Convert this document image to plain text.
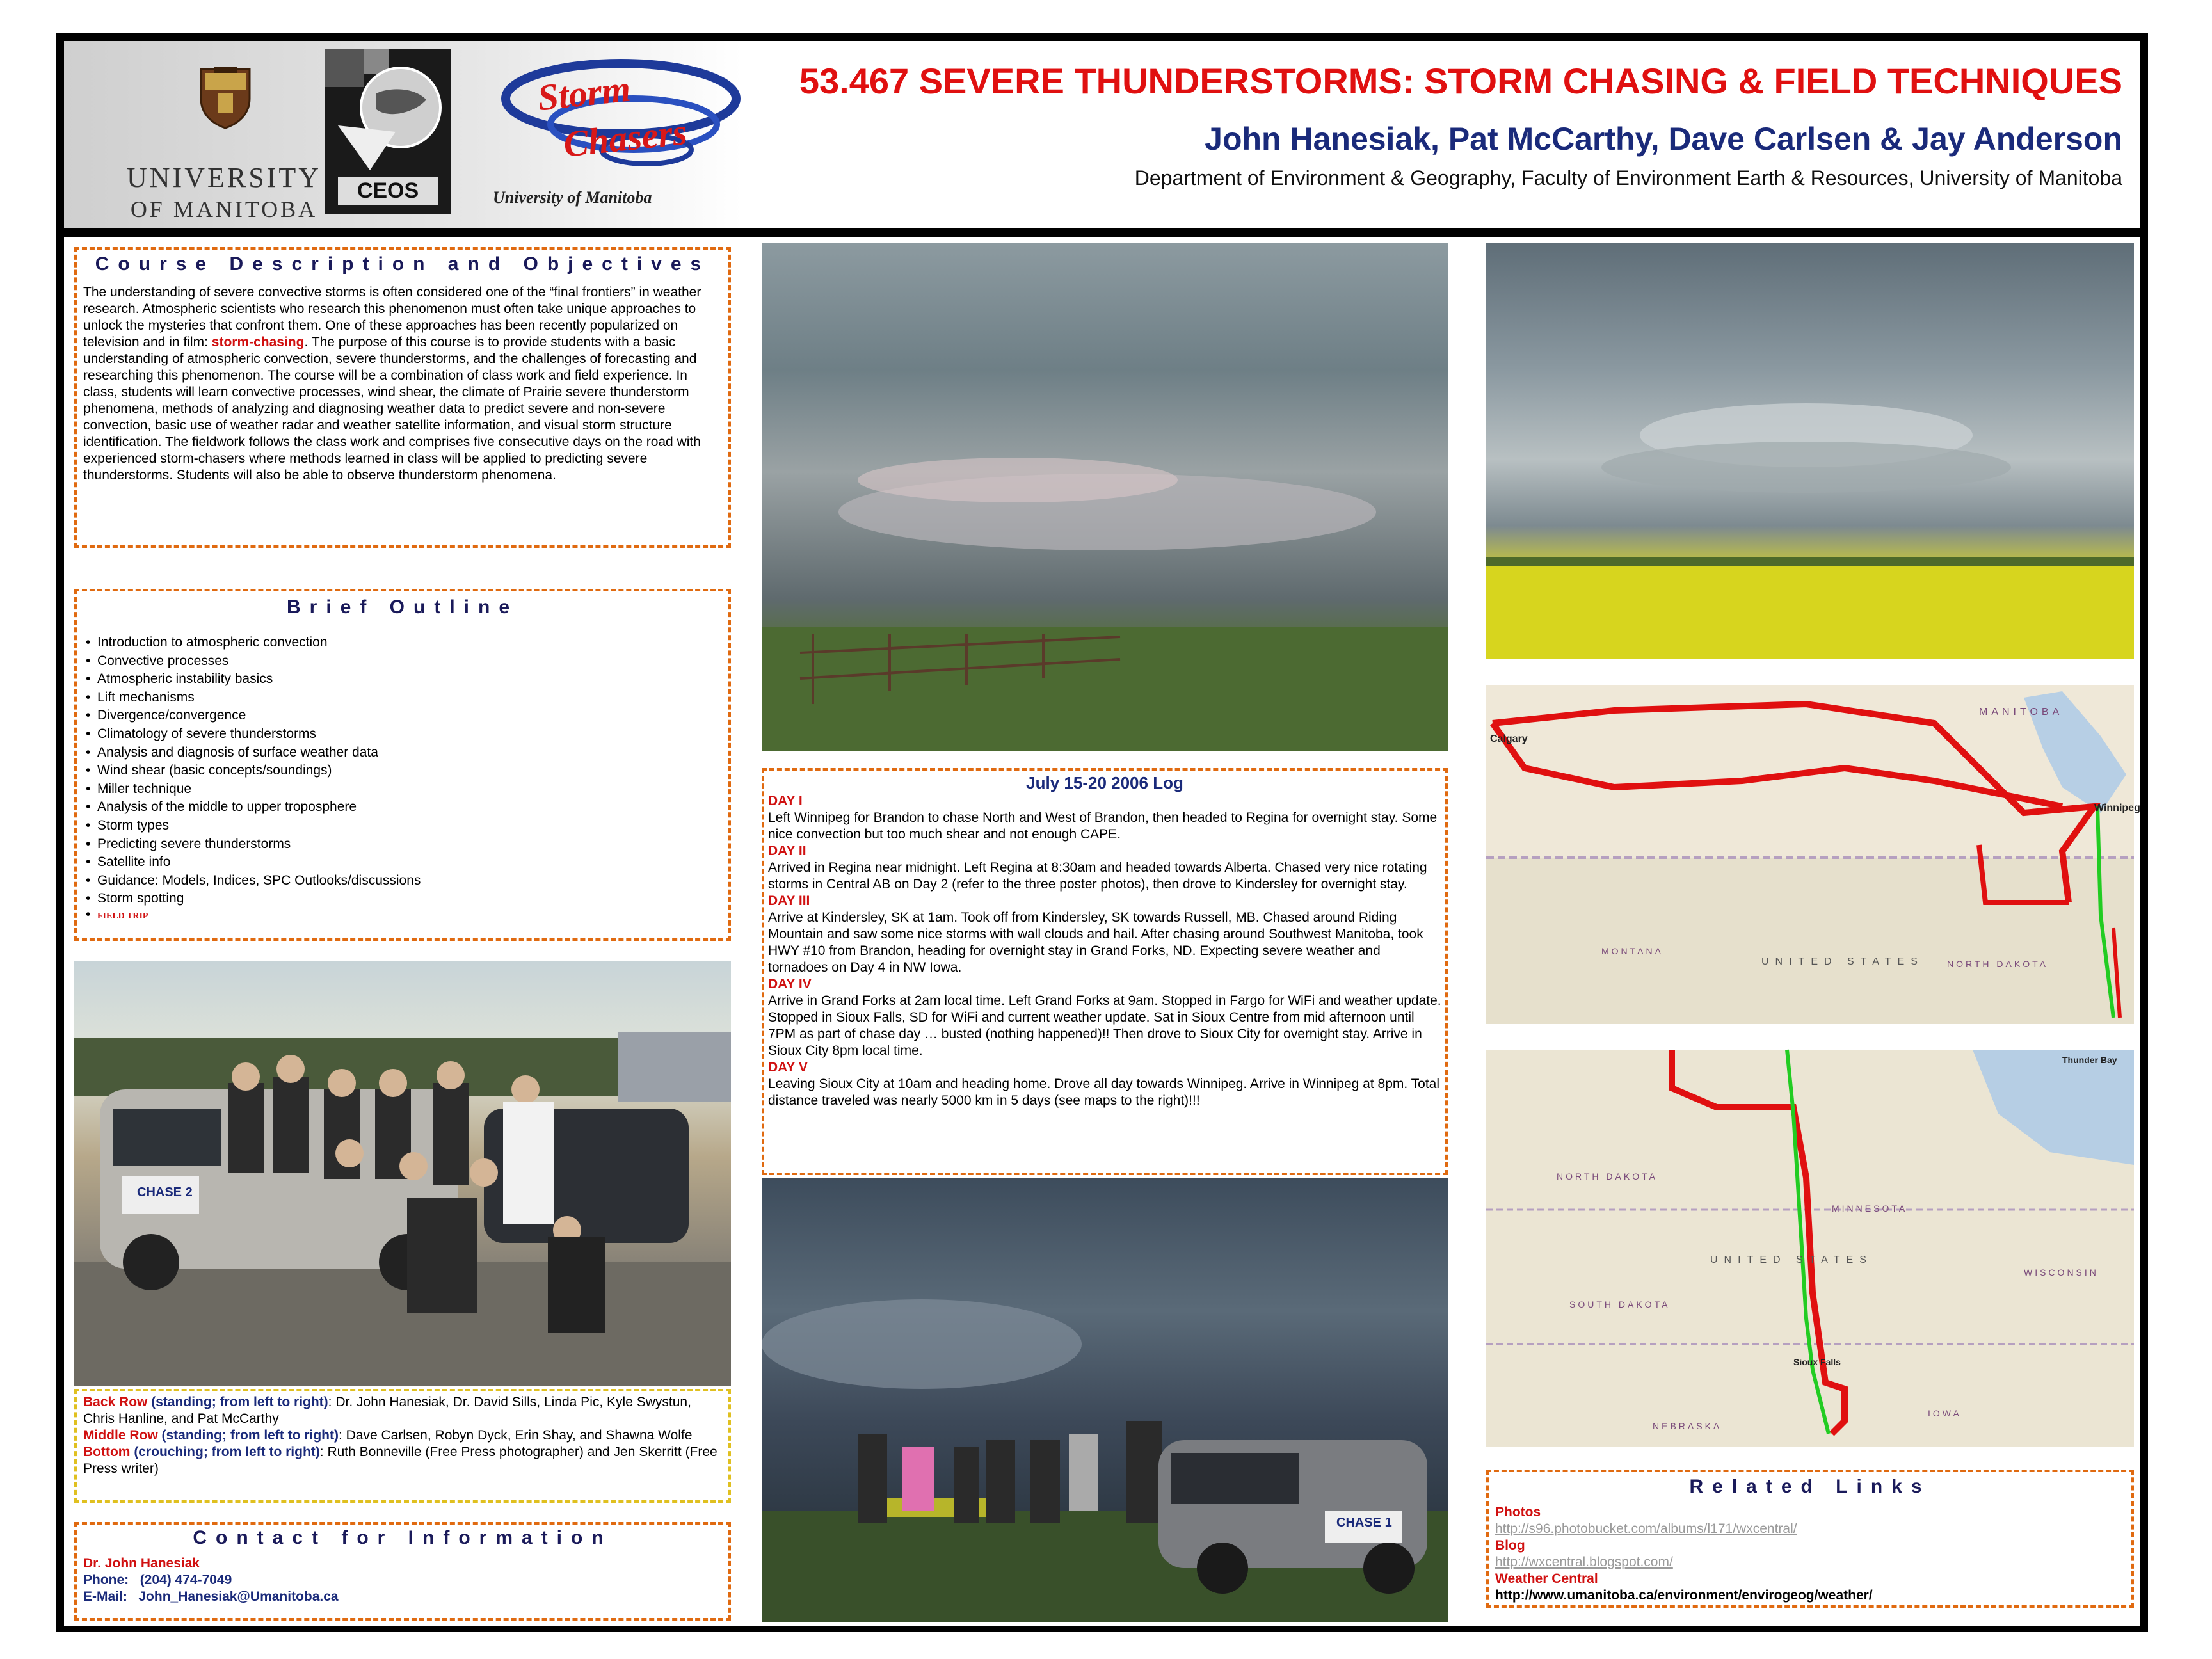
UNIVERSITY
OF MANITOBA
CEOS
Storm
Chasers
University of Manitoba
53.467 SEVERE THUNDERSTORMS: STORM CHASING & FIELD TECHNIQUES
John Hanesiak, Pat McCarthy, Dave Carlsen & Jay Anderson
Department of Environment & Geography, Faculty of Environment Earth & Resources, University of Manitoba
Course Description and Objectives

The understanding of severe convective storms is often considered one of the “final frontiers” in weather research. Atmospheric scientists who research this phenomenon must often take unique approaches to unlock the mysteries that confront them. One of these approaches has been recently popularized on television and in film: storm-chasing. The purpose of this course is to provide students with a basic understanding of atmospheric convection, severe thunderstorms, and the challenges of forecasting and researching this phenomenon. The course will be a combination of class work and field experience. In class, students will learn convective processes, wind shear, the climate of Prairie severe thunderstorm phenomena, methods of analyzing and diagnosing weather data to predict severe and non-severe convection, basic use of weather radar and weather satellite information, and visual storm structure identification. The fieldwork follows the class work and comprises five consecutive days on the road with experienced storm-chasers where methods learned in class will be applied to predicting severe thunderstorms. Students will also be able to observe thunderstorm phenomena.

Brief Outline
• Introduction to atmospheric convection
• Convective processes
• Atmospheric instability basics
• Lift mechanisms
• Divergence/convergence
• Climatology of severe thunderstorms
• Analysis and diagnosis of surface weather data
• Wind shear (basic concepts/soundings)
• Miller technique
• Analysis of the middle to upper troposphere
• Storm types
• Predicting severe thunderstorms
• Satellite info
• Guidance: Models, Indices, SPC Outlooks/discussions
• Storm spotting
• FIELD TRIP
CHASE 2

Back Row (standing; from left to right): Dr. John Hanesiak, Dr. David Sills, Linda Pic, Kyle Swystun, Chris Hanline, and Pat McCarthy

Middle Row (standing; from left to right): Dave Carlsen, Robyn Dyck, Erin Shay, and Shawna Wolfe

Bottom (crouching; from left to right): Ruth Bonneville (Free Press photographer) and Jen Skerritt (Free Press writer)

Contact for Information

Dr. John Hanesiak

Phone: (204) 474-7049

E-Mail: John_Hanesiak@Umanitoba.ca

July 15-20 2006 Log

DAY I

Left Winnipeg for Brandon to chase North and West of Brandon, then headed to Regina for overnight stay. Some nice convection but too much shear and not enough CAPE.

DAY II

Arrived in Regina near midnight. Left Regina at 8:30am and headed towards Alberta. Chased very nice rotating storms in Central AB on Day 2 (refer to the three poster photos), then drove to Kindersley for overnight stay.

DAY III

Arrive at Kindersley, SK at 1am. Took off from Kindersley, SK towards Russell, MB. Chased around Riding Mountain and saw some nice storms with wall clouds and hail. After chasing around Southwest Manitoba, took HWY #10 from Brandon, heading for overnight stay in Grand Forks, ND. Expecting severe weather and tornadoes on Day 4 in NW Iowa.

DAY IV

Arrive in Grand Forks at 2am local time. Left Grand Forks at 9am. Stopped in Fargo for WiFi and weather update. Stopped in Sioux Falls, SD for WiFi and current weather update. Sat in Sioux Centre from mid afternoon until 7PM as part of chase day … busted (nothing happened)!! Then drove to Sioux City for overnight stay. Arrive in Sioux City 8pm local time.

DAY V

Leaving Sioux City at 10am and heading home. Drove all day towards Winnipeg. Arrive in Winnipeg at 8pm. Total distance traveled was nearly 5000 km in 5 days (see maps to the right)!!!

CHASE 1
MANITOBA
Calgary
Winnipeg
MONTANA
UNITED STATES	NORTH DAKOTA
Thunder Bay
NORTH DAKOTA
MINNESOTA
UNITED STATES
WISCONSIN
SOUTH DAKOTA
Sioux Falls
IOWA
NEBRASKA
Related Links

Photos

http://s96.photobucket.com/albums/l171/wxcentral/

Blog

http://wxcentral.blogspot.com/

Weather Central

http://www.umanitoba.ca/environment/envirogeog/weather/
